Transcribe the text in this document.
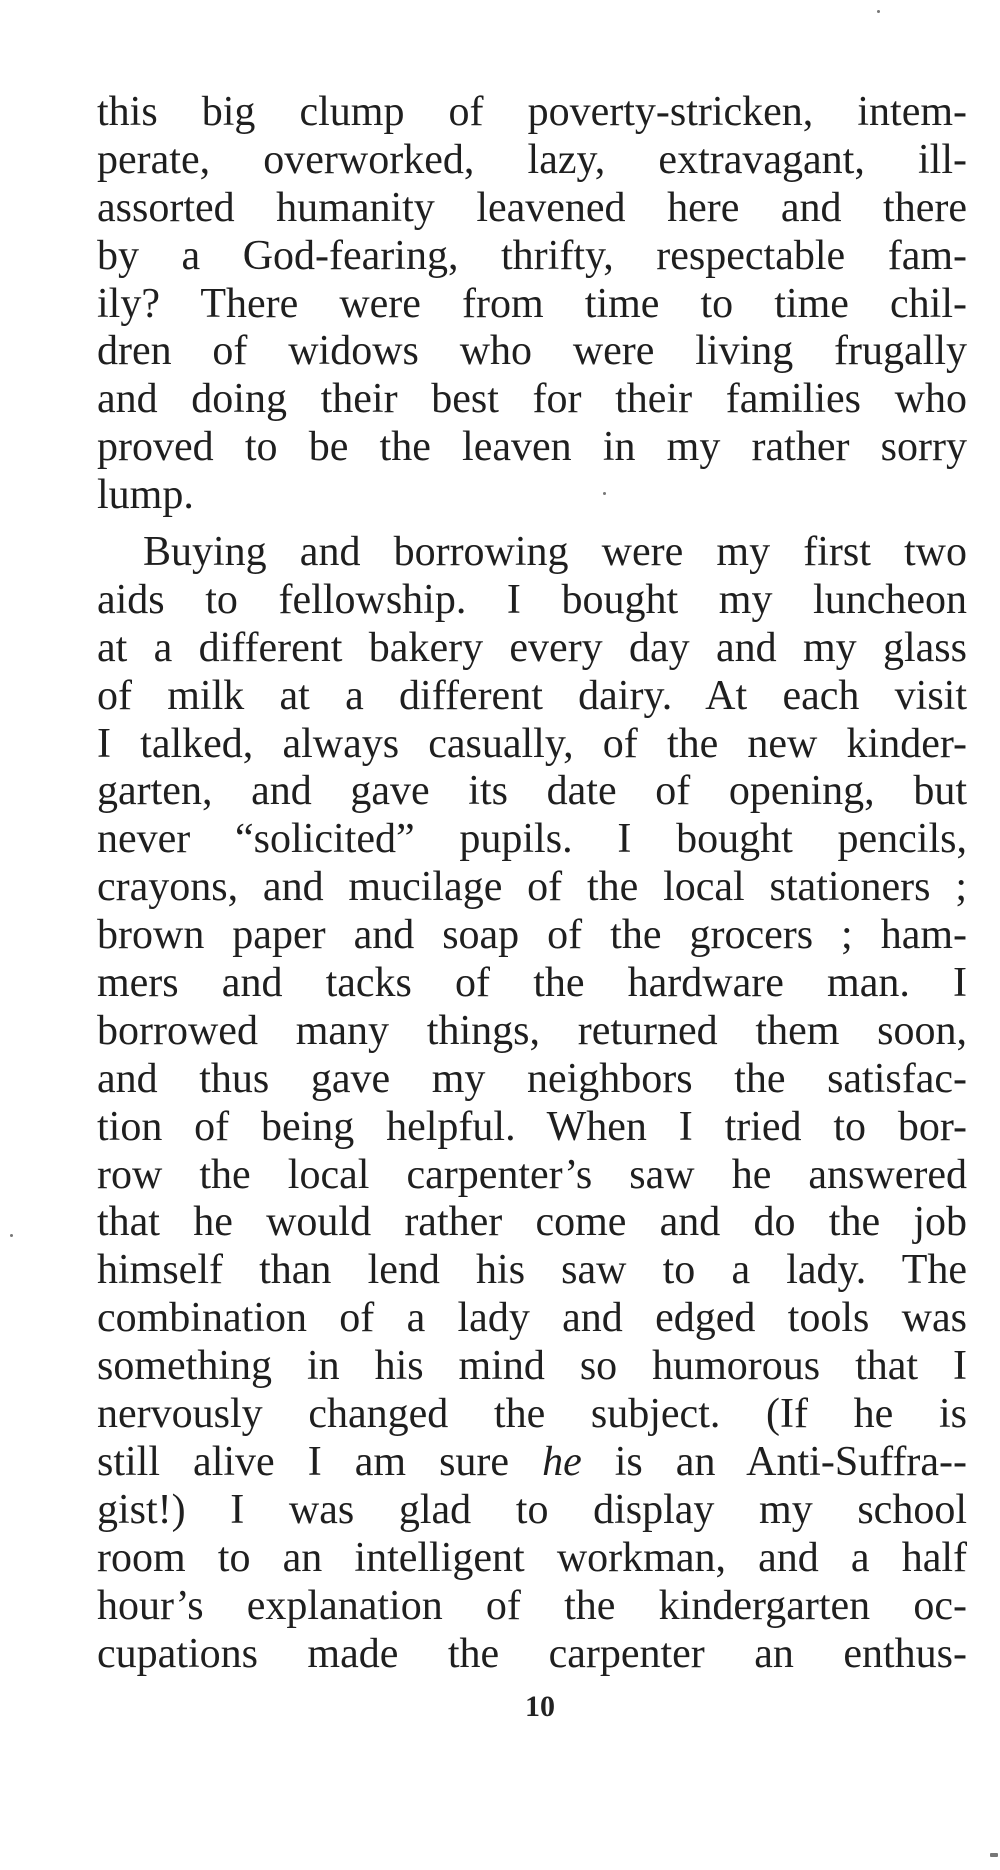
this big clump of poverty-stricken, intem-
perate, overworked, lazy, extravagant, ill-
assorted humanity leavened here and there
by a God-fearing, thrifty, respectable fam-
ily? There were from time to time chil-
dren of widows who were living frugally
and doing their best for their families who
proved to be the leaven in my rather sorry
lump.
Buying and borrowing were my first two
aids to fellowship. I bought my luncheon
at a different bakery every day and my glass
of milk at a different dairy. At each visit
I talked, always casually, of the new kinder-
garten, and gave its date of opening, but
never “solicited” pupils. I bought pencils,
crayons, and mucilage of the local stationers ;
brown paper and soap of the grocers ; ham-
mers and tacks of the hardware man. I
borrowed many things, returned them soon,
and thus gave my neighbors the satisfac-
tion of being helpful. When I tried to bor-
row the local carpenter’s saw he answered
that he would rather come and do the job
himself than lend his saw to a lady. The
combination of a lady and edged tools was
something in his mind so humorous that I
nervously changed the subject. (If he is
still alive I am sure he is an Anti-Suffra--
gist!) I was glad to display my school
room to an intelligent workman, and a half
hour’s explanation of the kindergarten oc-
cupations made the carpenter an enthus-
10
